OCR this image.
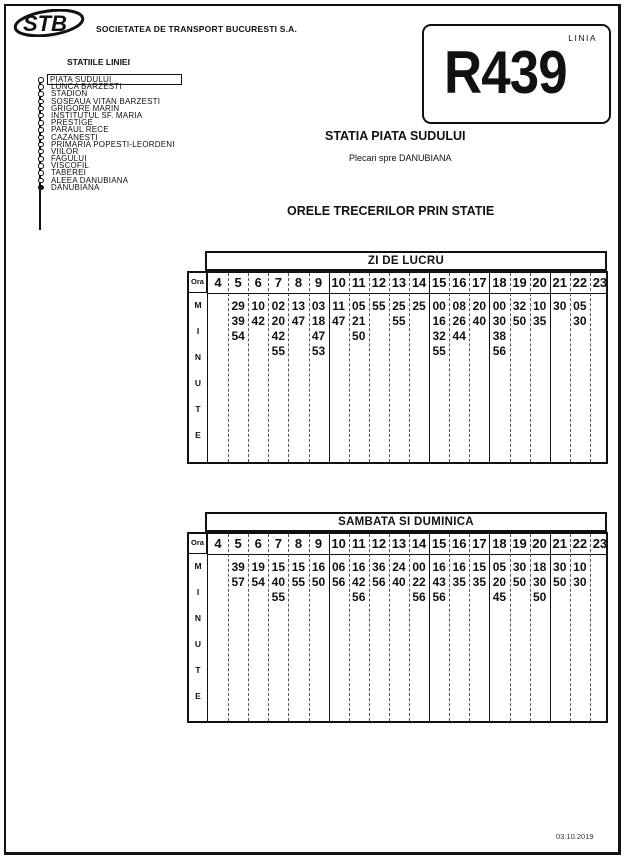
STB	SOCIETATEA DE TRANSPORT BUCURESTI S.A.
LINIA
R439
STATIILE LINIEI
PIATA SUDULUI
LUNCA BARZESTI
STADION
SOSEAUA VITAN BARZESTI
GRIGORE MARIN
INSTITUTUL SF. MARIA
PRESTIGE
PARAUL RECE
CAZANESTI
PRIMARIA POPESTI-LEORDENI
VIILOR
FAGULUI
VISCOFIL
TABEREI
ALEEA DANUBIANA
DANUBIANA
STATIA PIATA SUDULUI
Plecari spre DANUBIANA
ORELE TRECERILOR PRIN STATIE
ZI DE LUCRU
Ora
M
I
N
U
T
E
4 5
29
39
54
6
10
42
7
02
20
42
55
8
13
47
9
03
18
47
53
10
11
47
11
05
21
50
12
55
13
25
55
14
25
15
00
16
32
55
16
08
26
44
17
20
40
18
00
30
38
56
19
32
50
20
10
35
21
30
22
05
30
23
SAMBATA SI DUMINICA
Ora
M
I
N
U
T
E
4 5
39
57
6
19
54
7
15
40
55
8
15
55
9
16
50
10
06
56
11
16
42
56
12
36
56
13
24
40
14
00
22
56
15
16
43
56
16
16
35
17
15
35
18
05
20
45
19
30
50
20
18
30
50
21
30
50
22
10
30
23
03.10.2019
